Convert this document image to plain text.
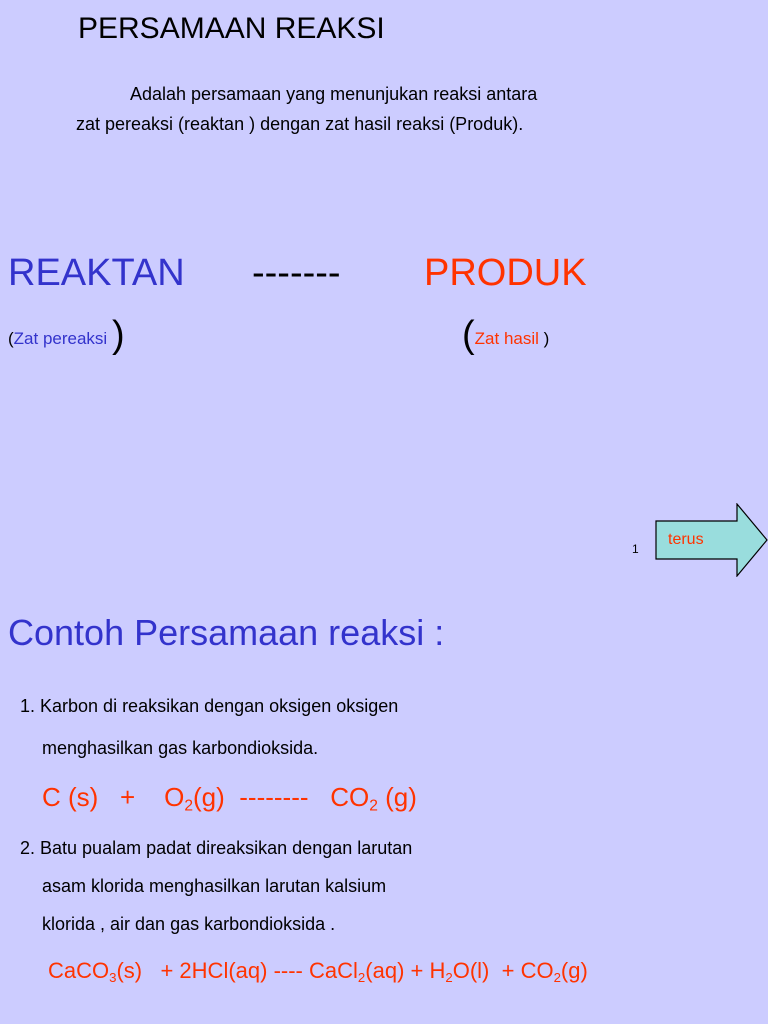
PERSAMAAN REAKSI
Adalah persamaan yang menunjukan reaksi antara
zat pereaksi (reaktan ) dengan zat hasil reaksi (Produk).
REAKTAN ------- PRODUK
(Zat pereaksi )	(Zat hasil )
1
terus
Contoh Persamaan reaksi :
1. Karbon di reaksikan dengan oksigen oksigen
menghasilkan gas karbondioksida.
C $(s) + O_2(g)$ -------- $CO_2$ (g)
2. Batu pualam padat direaksikan dengan larutan
asam klorida menghasilkan larutan kalsium
klorida , air dan gas karbondioksida .
CaCO$_3$(s) + 2HCl(aq) ---- CaCl$_2$(aq) + $H_2O(l) + CO_2(g)$
